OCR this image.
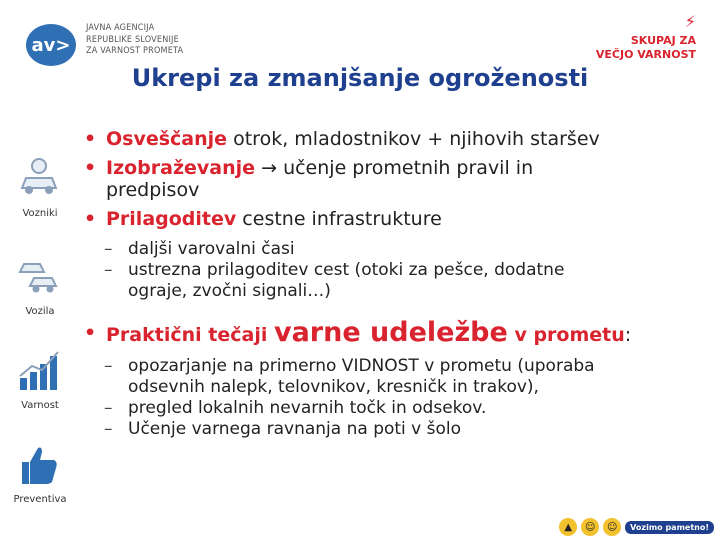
av>
JAVNA AGENCIJA
REPUBLIKE SLOVENIJE
ZA VARNOST PROMETA
⚡
SKUPAJ ZA
VEČJO VARNOST
Ukrepi za zmanjšanje ogroženosti
Vozniki
Vozila
Varnost
Preventiva
• Osveščanje otrok, mladostnikov + njihovih staršev
• Izobraževanje → učenje prometnih pravil in
predpisov
• Prilagoditev cestne infrastrukture
– daljši varovalni časi
– ustrezna prilagoditev cest (otoki za pešce, dodatne
ograje, zvočni signali…)
• Praktični tečaji varne udeležbe v prometu:
– opozarjanje na primerno VIDNOST v prometu (uporaba
odsevnih nalepk, telovnikov, kresničk in trakov),
– pregled lokalnih nevarnih točk in odsekov.
– Učenje varnega ravnanja na poti v šolo
▲	☺	☺	Vozimo pametno!
